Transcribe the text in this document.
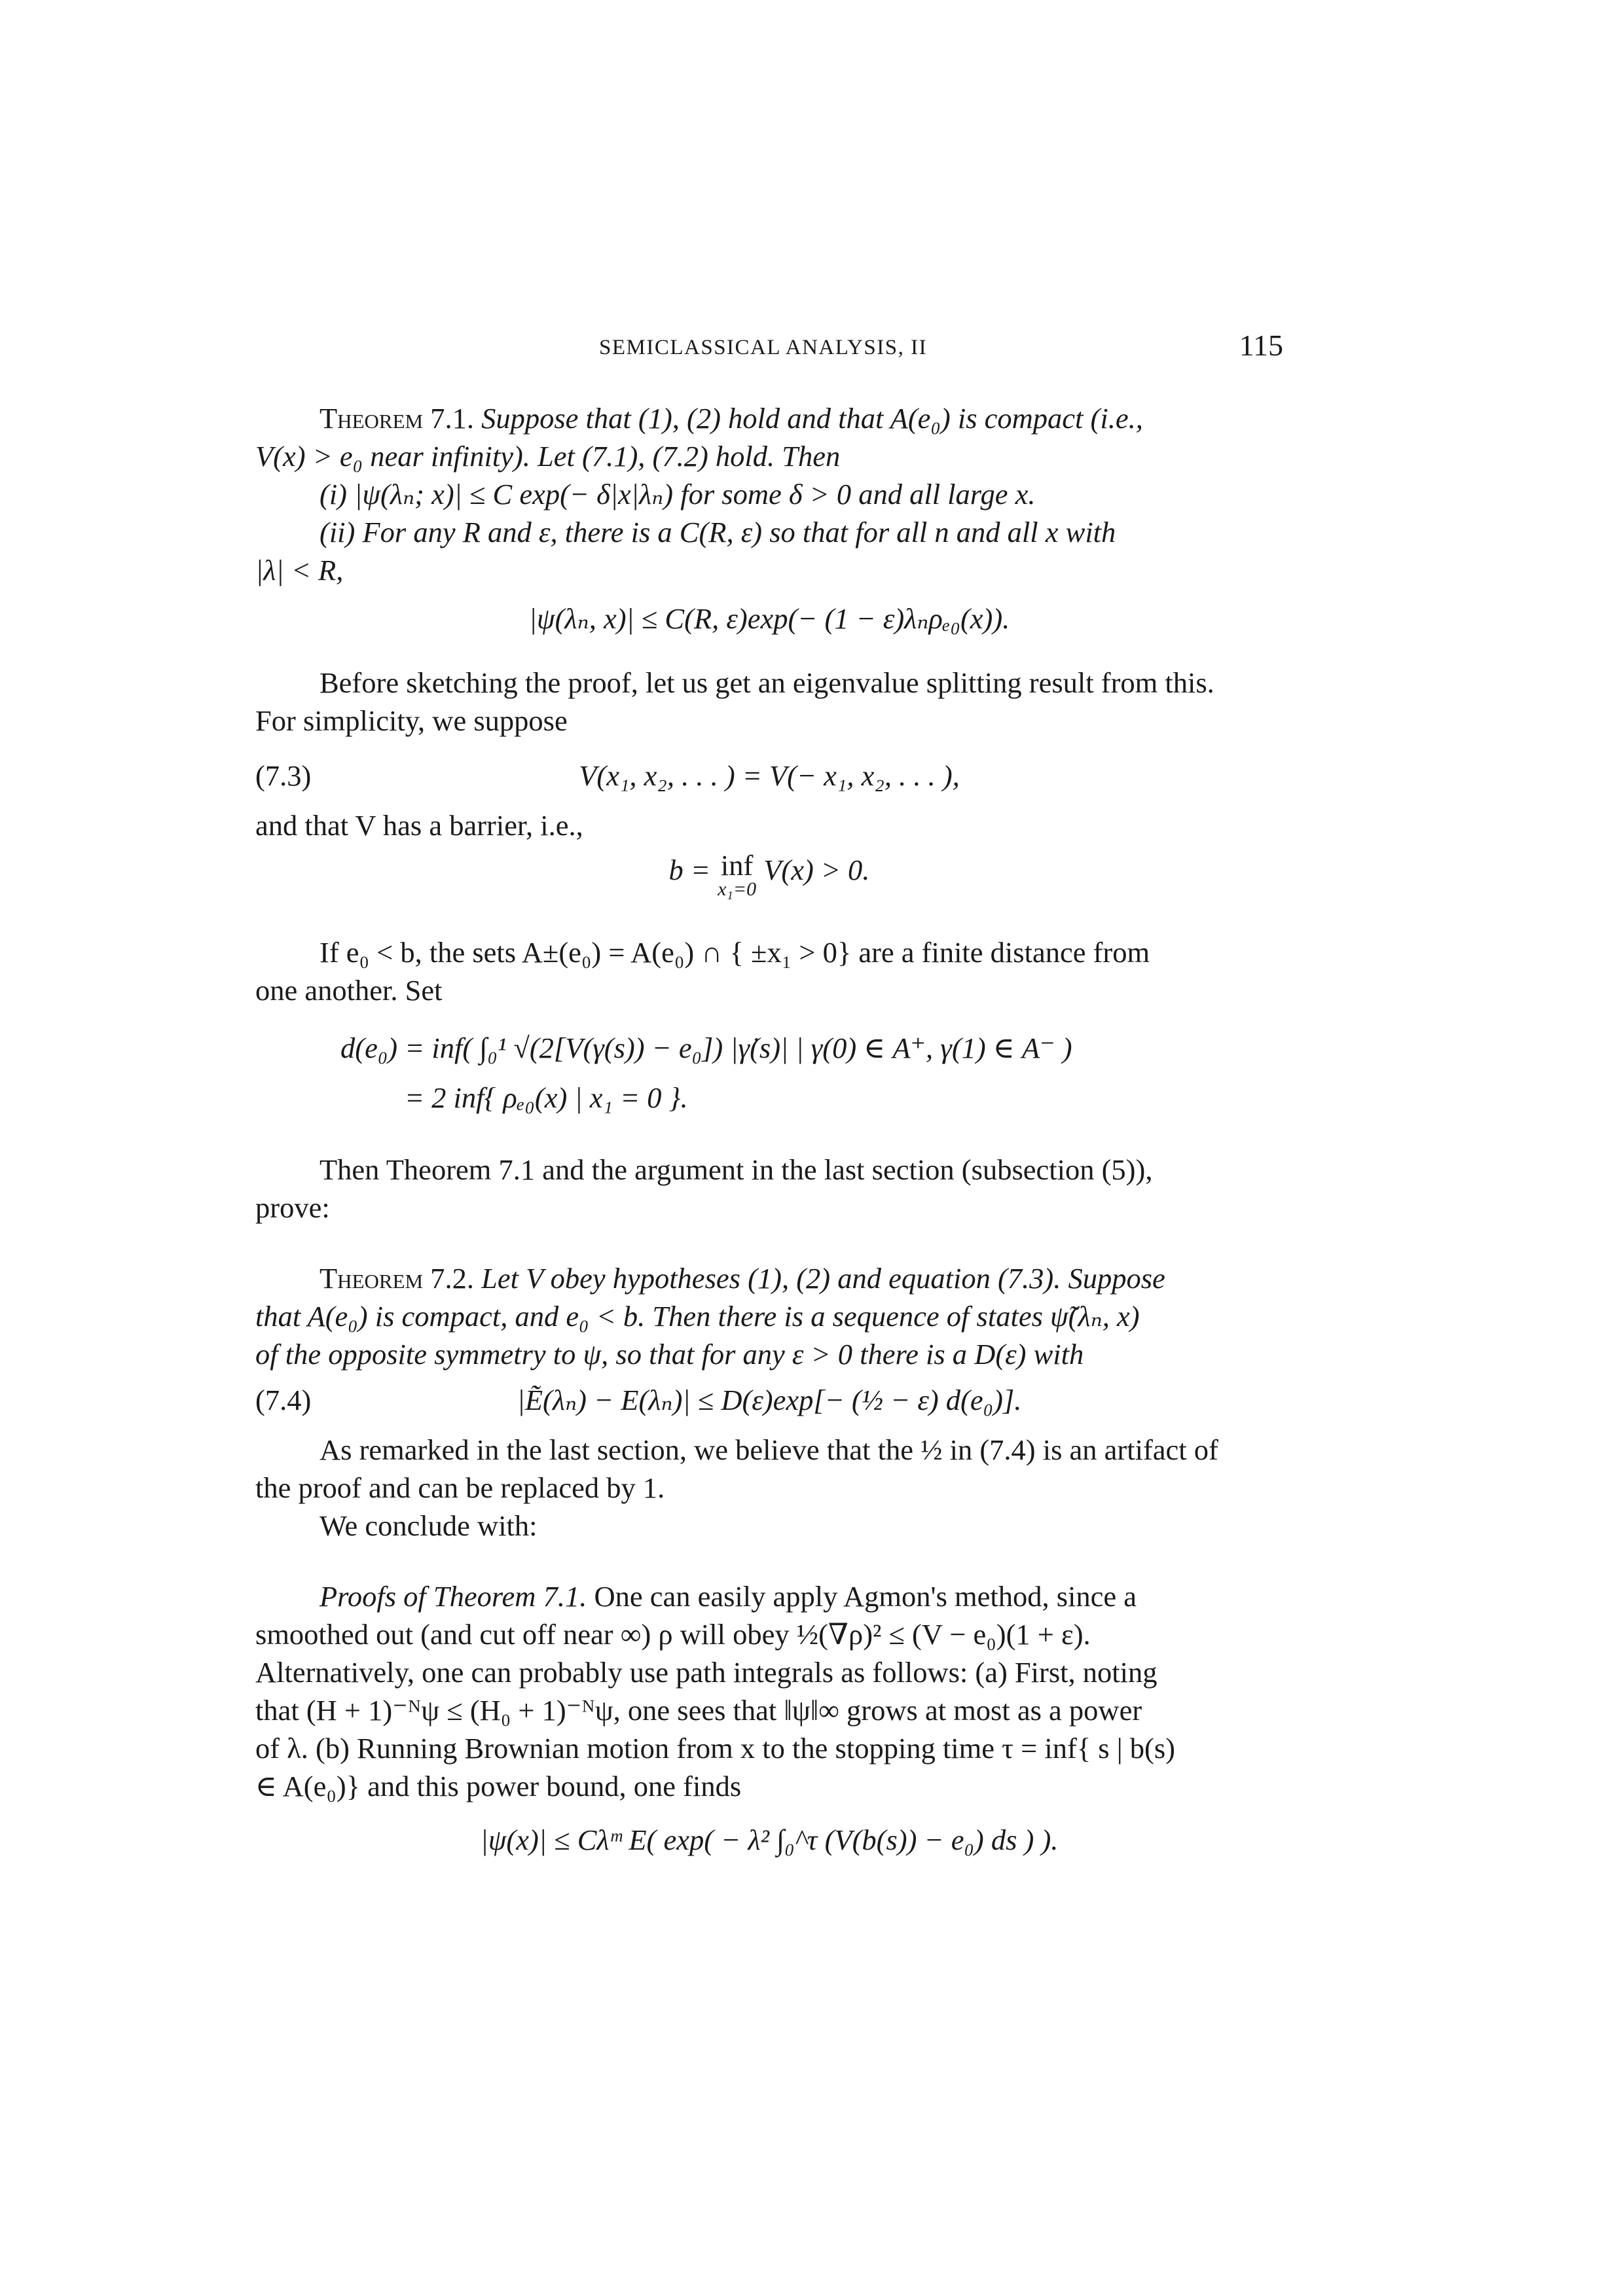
SEMICLASSICAL ANALYSIS, II	115

Theorem 7.1. Suppose that (1), (2) hold and that A(e₀) is compact (i.e.,
V(x) > e₀ near infinity). Let (7.1), (7.2) hold. Then

(i) |ψ(λₙ; x)| ≤ C exp(− δ|x|λₙ) for some δ > 0 and all large x.

(ii) For any R and ε, there is a C(R, ε) so that for all n and all x with

|λ| < R,

|ψ(λₙ, x)| ≤ C(R, ε)exp(− (1 − ε)λₙρₑ₀(x)).

Before sketching the proof, let us get an eigenvalue splitting result from this.
For simplicity, we suppose

(7.3)	V(x₁, x₂, . . . ) = V(− x₁, x₂, . . . ),

and that V has a barrier, i.e.,

b = inf
x₁=0
V(x) > 0.

If e₀ < b, the sets A±(e₀) = A(e₀) ∩ { ±x₁ > 0} are a finite distance from
one another. Set

d(e₀) = inf( ∫₀¹ √(2[V(γ(s)) − e₀]) |γ̇(s)| | γ(0) ∈ A⁺, γ(1) ∈ A⁻ )
= 2 inf{ ρₑ₀(x) | x₁ = 0 }.

Then Theorem 7.1 and the argument in the last section (subsection (5)),
prove:

Theorem 7.2. Let V obey hypotheses (1), (2) and equation (7.3). Suppose
that A(e₀) is compact, and e₀ < b. Then there is a sequence of states ψ̃(λₙ, x)
of the opposite symmetry to ψ, so that for any ε > 0 there is a D(ε) with

(7.4)	|Ẽ(λₙ) − E(λₙ)| ≤ D(ε)exp[− (½ − ε) d(e₀)].

As remarked in the last section, we believe that the ½ in (7.4) is an artifact of
the proof and can be replaced by 1.

We conclude with:

Proofs of Theorem 7.1. One can easily apply Agmon's method, since a
smoothed out (and cut off near ∞) ρ will obey ½(∇ρ)² ≤ (V − e₀)(1 + ε).
Alternatively, one can probably use path integrals as follows: (a) First, noting
that (H + 1)⁻ᴺψ ≤ (H₀ + 1)⁻ᴺψ, one sees that ‖ψ‖∞ grows at most as a power
of λ. (b) Running Brownian motion from x to the stopping time τ = inf{ s | b(s)
∈ A(e₀)} and this power bound, one finds

|ψ(x)| ≤ Cλᵐ E( exp( − λ² ∫₀^τ (V(b(s)) − e₀) ds ) ).
